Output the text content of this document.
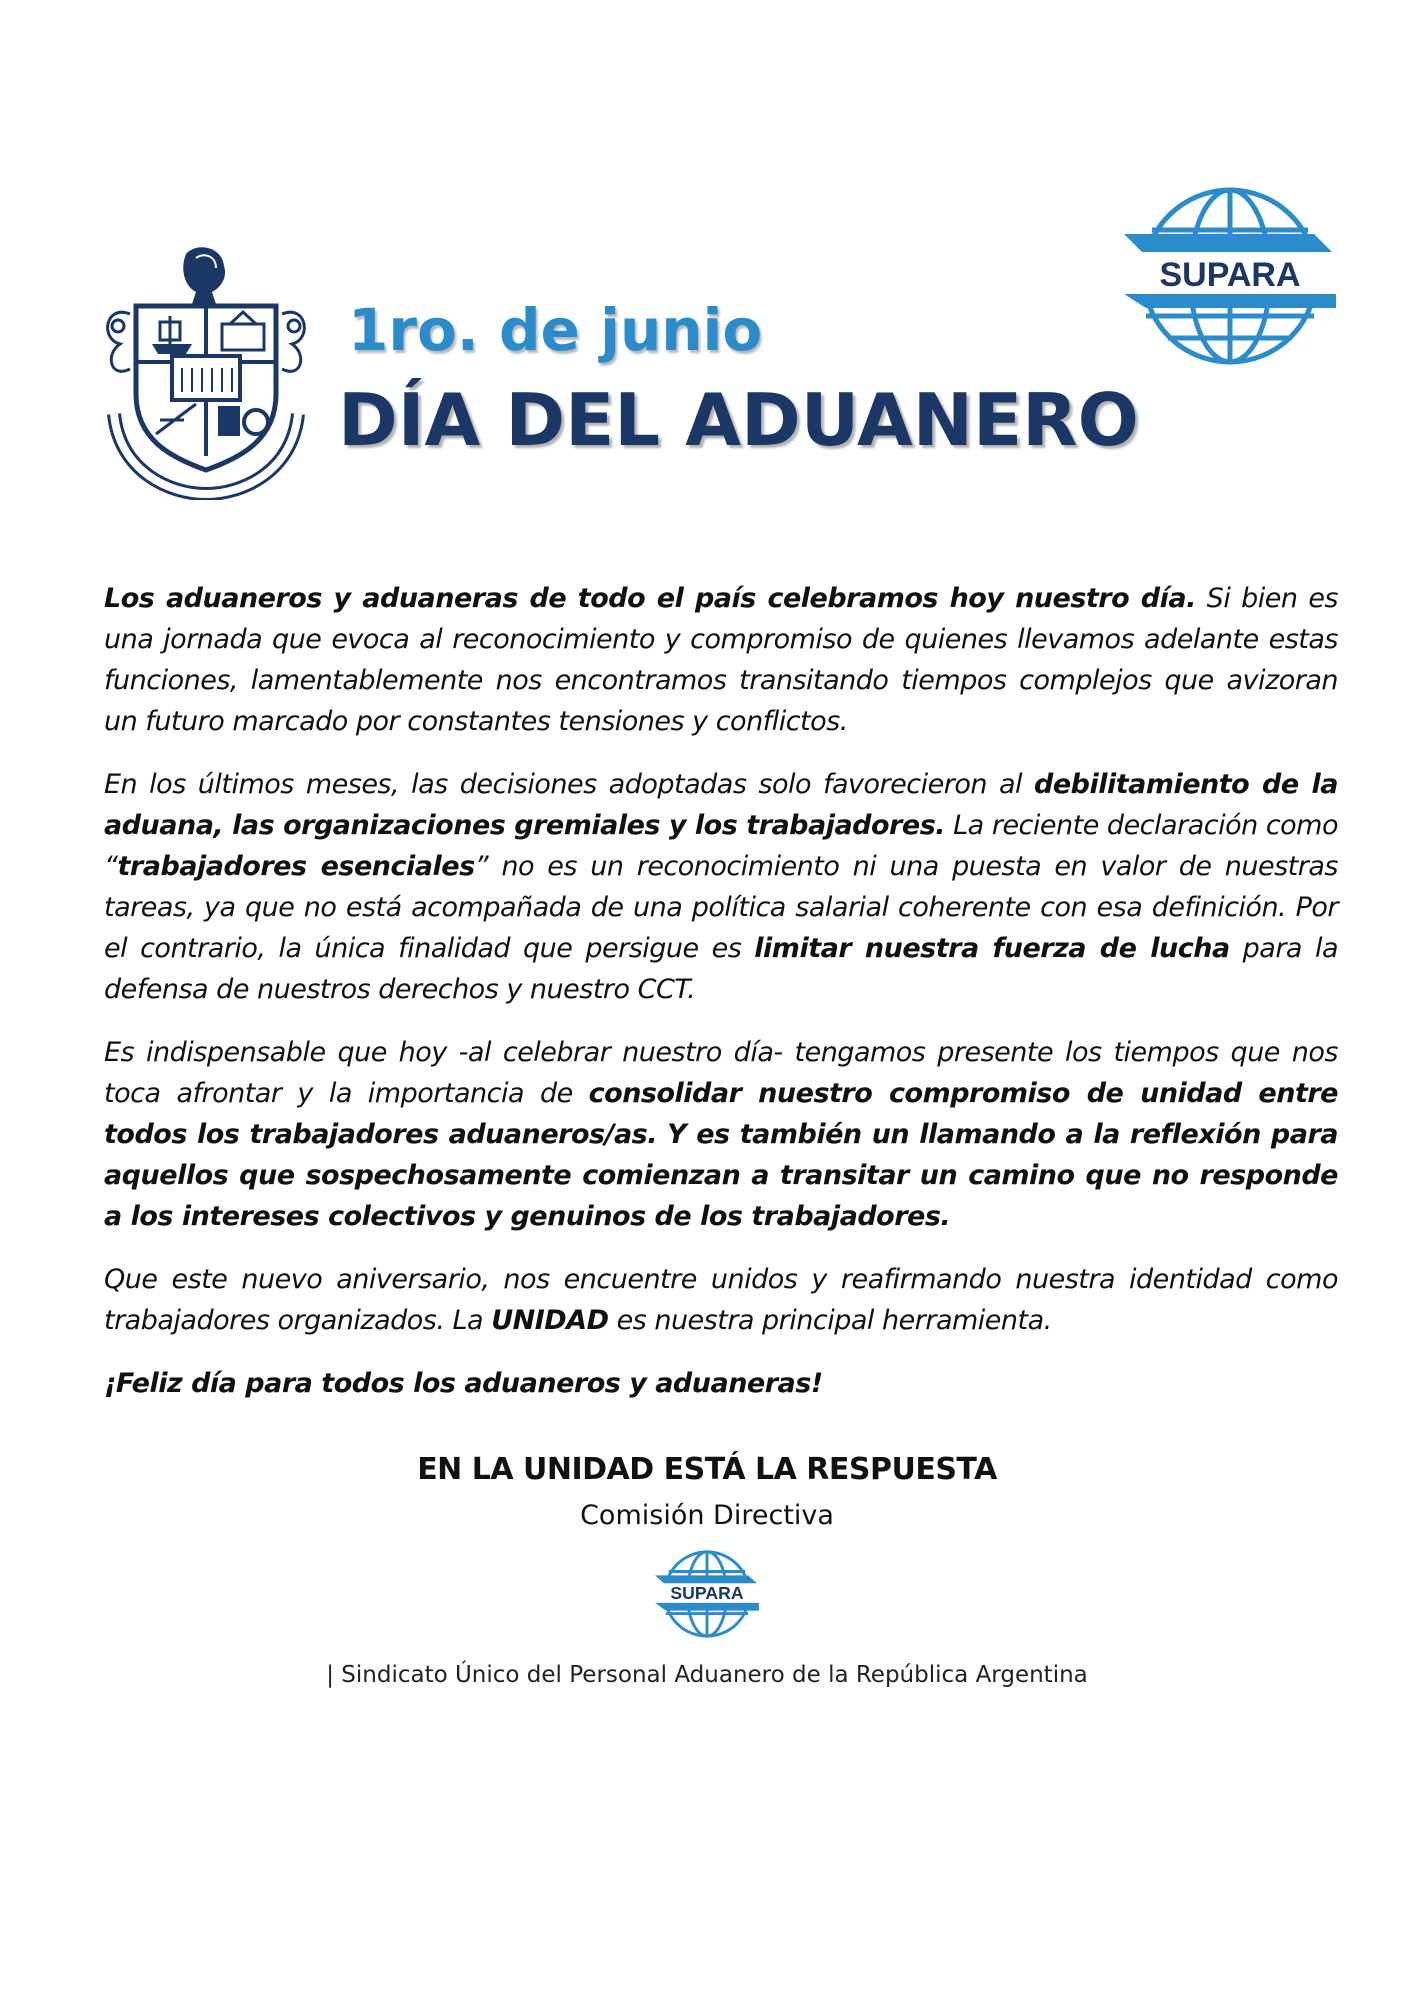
SUPARA
1ro. de junio
DÍA DEL ADUANERO

Los aduaneros y aduaneras de todo el país celebramos hoy nuestro día. Si bien es una jornada que evoca al reconocimiento y compromiso de quienes llevamos adelante estas funciones, lamentablemente nos encontramos transitando tiempos complejos que avizoran un futuro marcado por constantes tensiones y conflictos.

En los últimos meses, las decisiones adoptadas solo favorecieron al debilitamiento de la aduana, las organizaciones gremiales y los trabajadores. La reciente declaración como “trabajadores esenciales” no es un reconocimiento ni una puesta en valor de nuestras tareas, ya que no está acompañada de una política salarial coherente con esa definición. Por el contrario, la única finalidad que persigue es limitar nuestra fuerza de lucha para la defensa de nuestros derechos y nuestro CCT.

Es indispensable que hoy -al celebrar nuestro día- tengamos presente los tiempos que nos toca afrontar y la importancia de consolidar nuestro compromiso de unidad entre todos los trabajadores aduaneros/as. Y es también un llamando a la reflexión para aquellos que sospechosamente comienzan a transitar un camino que no responde a los intereses colectivos y genuinos de los trabajadores.

Que este nuevo aniversario, nos encuentre unidos y reafirmando nuestra identidad como trabajadores organizados. La UNIDAD es nuestra principal herramienta.

¡Feliz día para todos los aduaneros y aduaneras!

EN LA UNIDAD ESTÁ LA RESPUESTA
Comisión Directiva
SUPARA
| Sindicato Único del Personal Aduanero de la República Argentina
